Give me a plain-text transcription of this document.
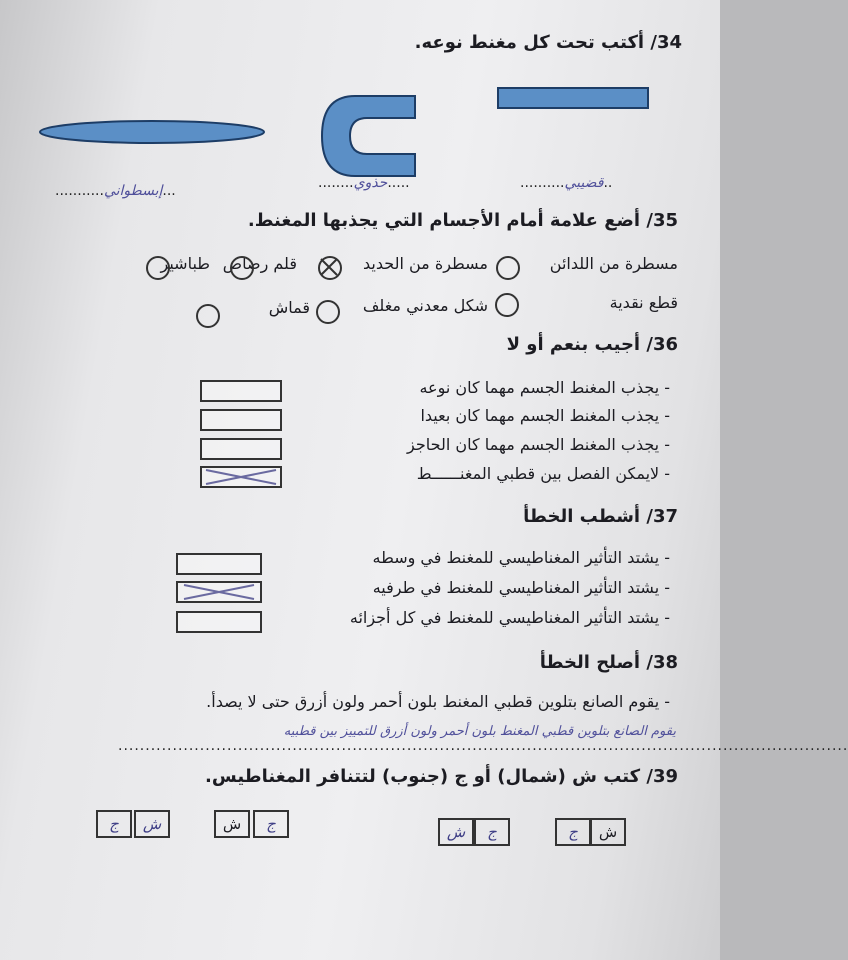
34/ أكتب تحت كل مغنط نوعه.
..........قضيبي..
........حذوي.....
...........إبسطواني...
35/ أضع علامة أمام الأجسام التي يجذبها المغنط.
مسطرة من اللدائن
مسطرة من الحديد
قلم رصاص
طباشير
قطع نقدية
شكل معدني مغلف
قماش
36/ أجيب بنعم أو لا
- يجذب المغنط الجسم مهما كان نوعه
- يجذب المغنط الجسم مهما كان بعيدا
- يجذب المغنط الجسم مهما كان الحاجز
- لايمكن الفصل بين قطبي المغنــــــط
37/ أشطب الخطأ
- يشتد التأثير المغناطيسي للمغنط في وسطه
- يشتد التأثير المغناطيسي للمغنط في طرفيه
- يشتد التأثير المغناطيسي للمغنط في كل أجزائه
38/ أصلح الخطأ
- يقوم الصانع بتلوين قطبي المغنط بلون أحمر ولون أزرق حتى لا يصدأ.
يقوم الصانع بتلوين قطبي المغنط بلون أحمر ولون أزرق للتمييز بين قطبيه
......................................................................................................................................
39/ كتب ش (شمال) أو ج (جنوب) لتتنافر المغناطيس.
ش
ج
ج
ش
ش	ج
ش
ج
